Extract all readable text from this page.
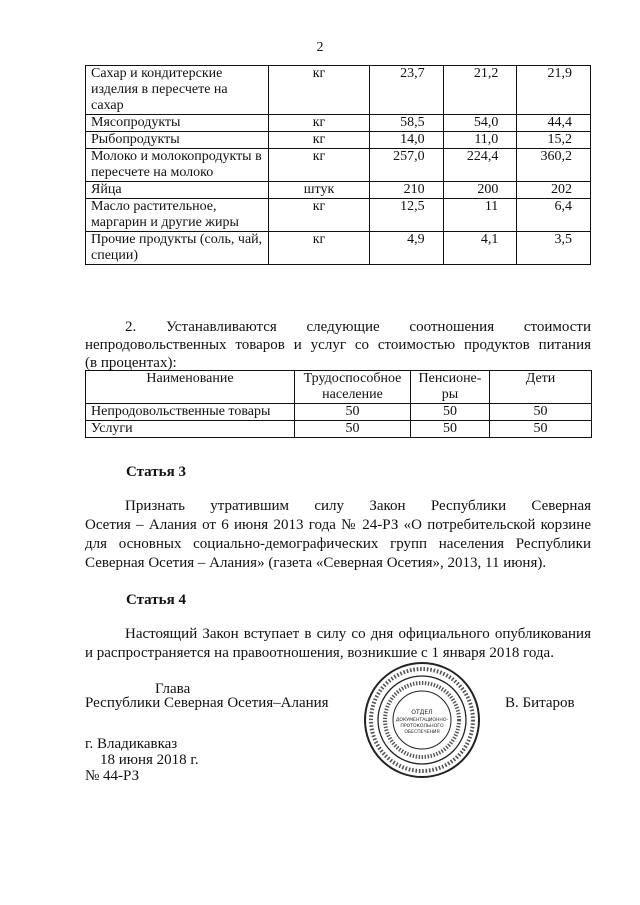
2
Сахар и кондитерские изделия в пересчете на сахар	кг	23,7	21,2	21,9
Мясопродукты	кг	58,5	54,0	44,4
Рыбопродукты	кг	14,0	11,0	15,2
Молоко и молокопродукты в пересчете на молоко	кг	257,0	224,4	360,2
Яйца	штук	210	200	202
Масло растительное, маргарин и другие жиры	кг	12,5	11	6,4
Прочие продукты (соль, чай, специи)	кг	4,9	4,1	3,5
2. Устанавливаются следующие соотношения стоимости
непродовольственных товаров и услуг со стоимостью продуктов питания
(в процентах):
Наименование	Трудоспособное население	Пенсионе-ры	Дети
Непродовольственные товары	50	50	50
Услуги	50	50	50
Статья 3
Признать утратившим силу Закон Республики Северная
Осетия – Алания от 6 июня 2013 года № 24-РЗ «О потребительской корзине
для основных социально-демографических групп населения Республики
Северная Осетия – Алания» (газета «Северная Осетия», 2013, 11 июня).
Статья 4
Настоящий Закон вступает в силу со дня официального опубликования
и распространяется на правоотношения, возникшие с 1 января 2018 года.
Глава
Республики Северная Осетия–Алания	В. Битаров
г. Владикавказ
18 июня 2018 г.
№ 44-РЗ
ОТДЕЛ
ДОКУМЕНТАЦИОННО-
ПРОТОКОЛЬНОГО
ОБЕСПЕЧЕНИЯ
